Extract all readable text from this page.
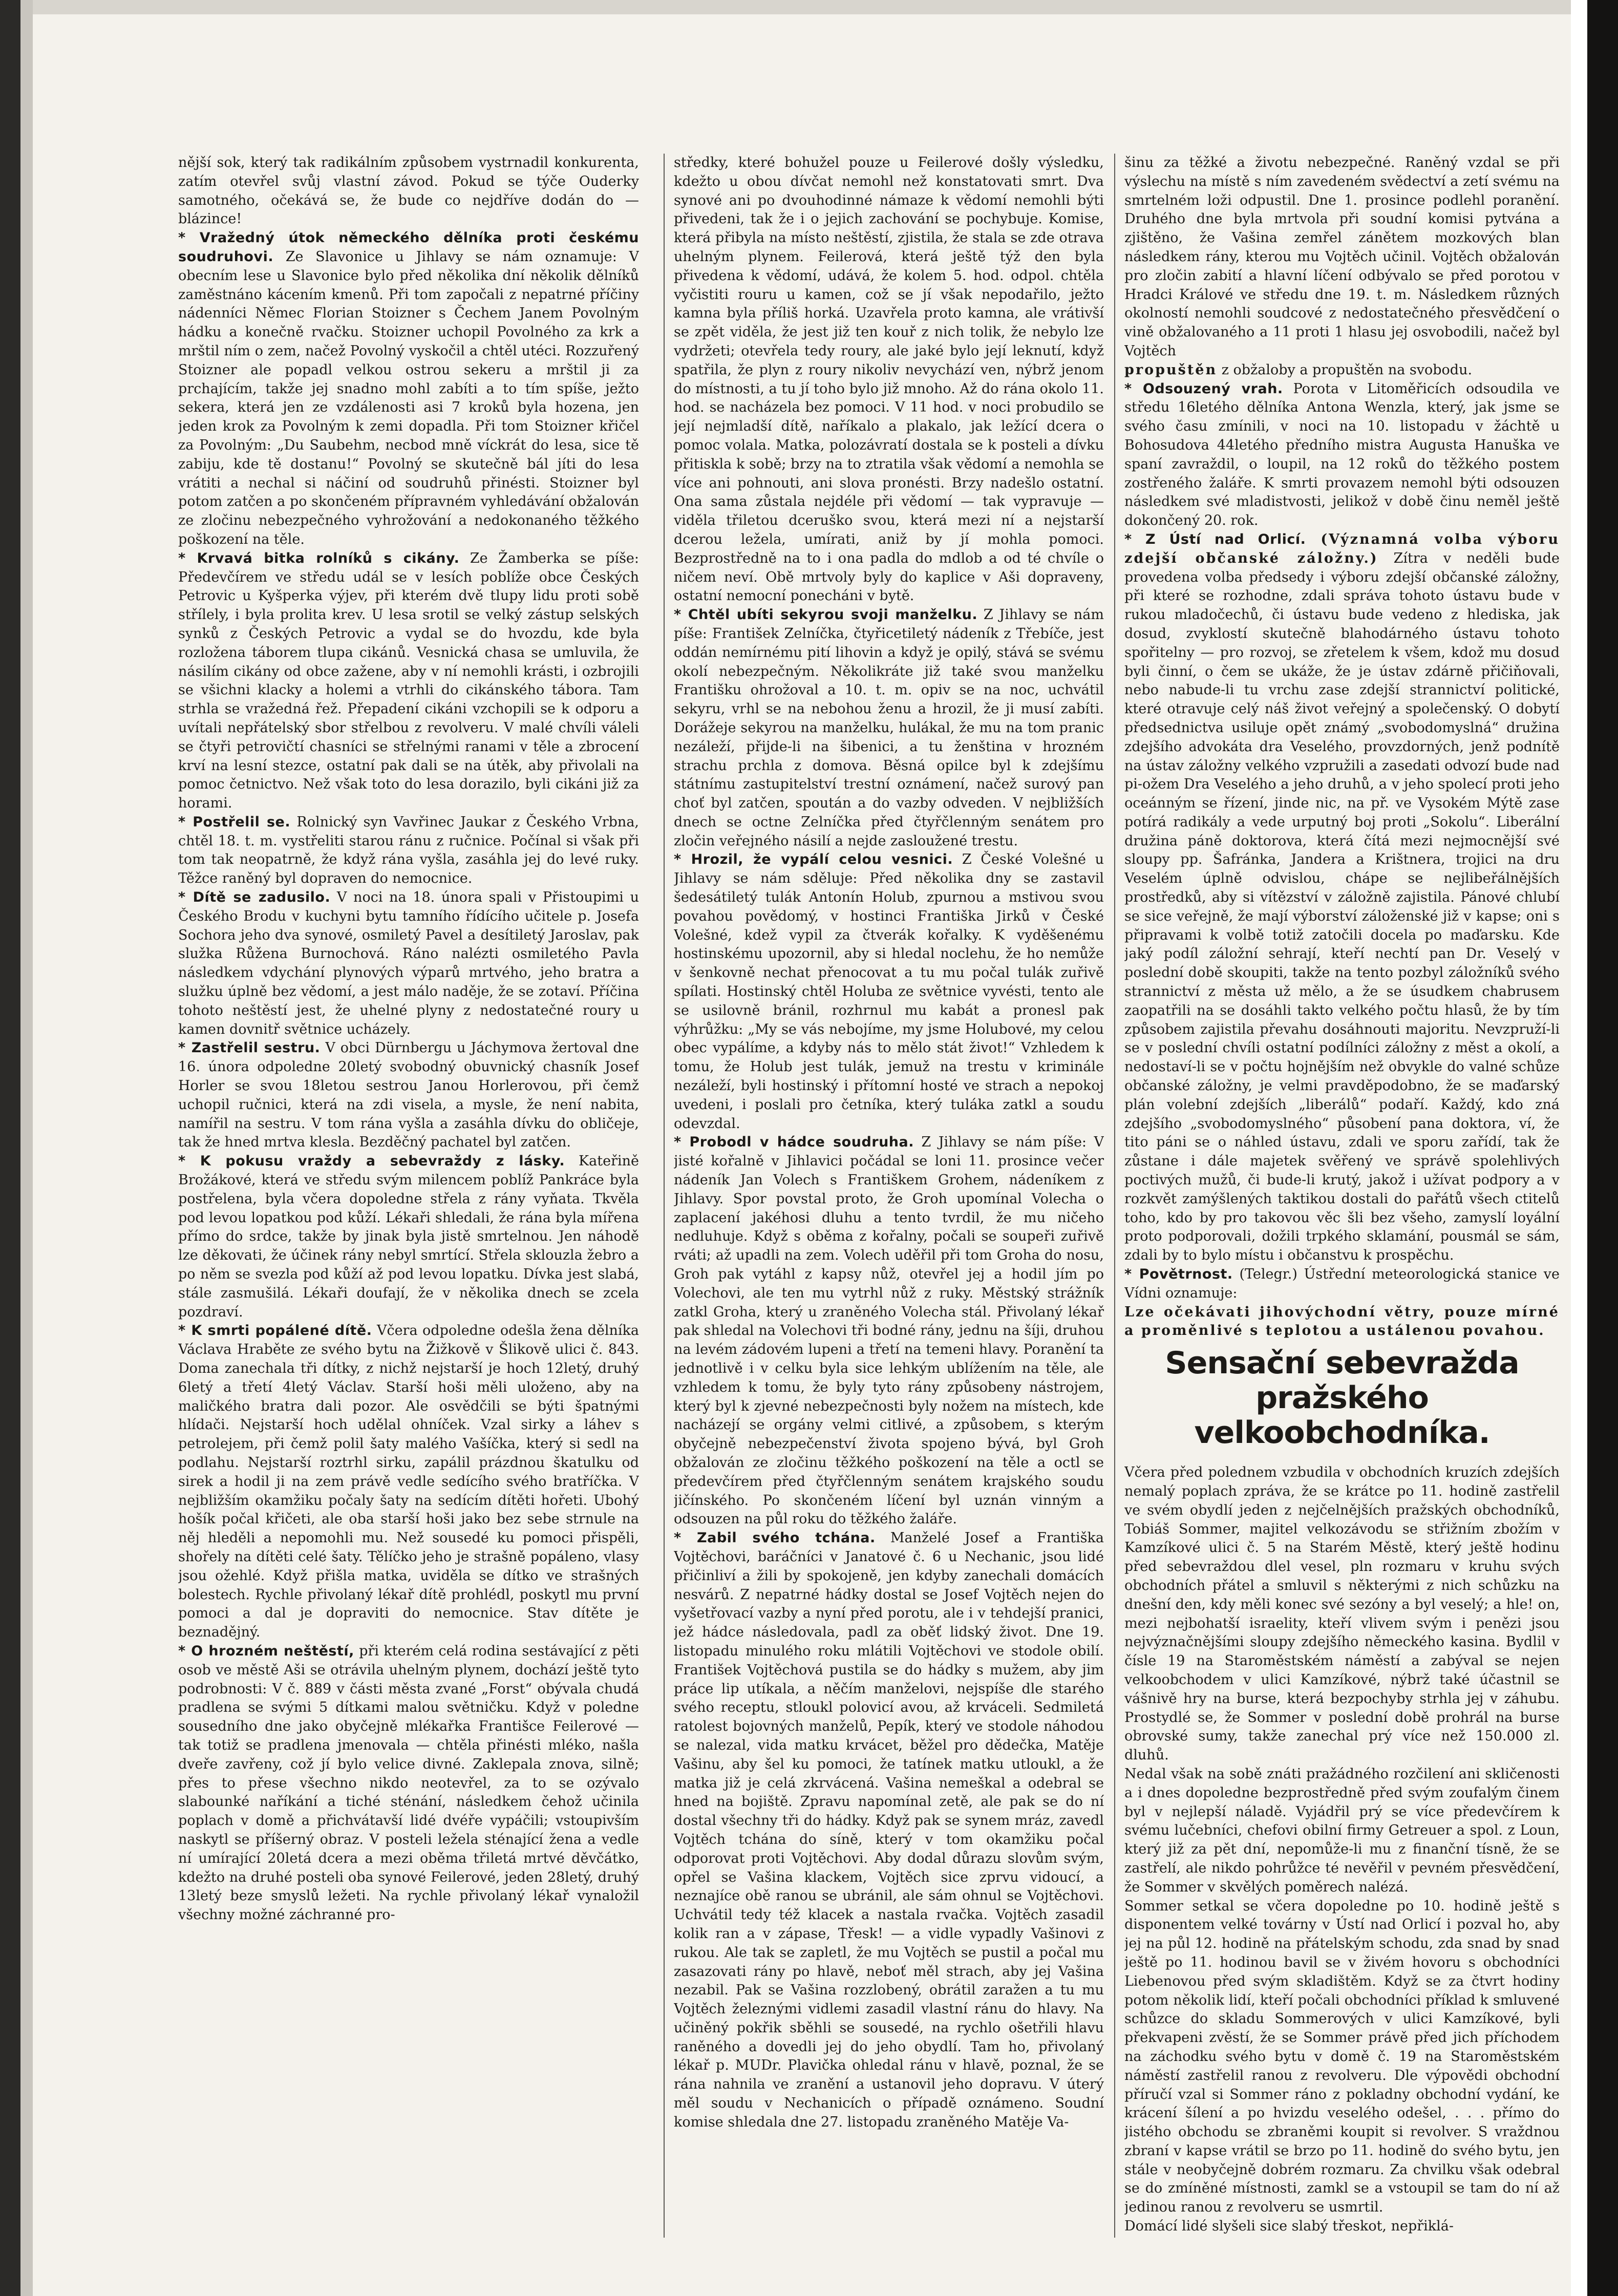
nější sok, který tak radikálním způsobem vystrnadil konkurenta, zatím otevřel svůj vlastní závod. Pokud se týče Ouderky samotného, očekává se, že bude co nejdříve dodán do — blázince!

* Vražedný útok německého dělníka proti českému soudruhovi. Ze Slavonice u Jihlavy se nám oznamuje: V obecním lese u Slavonice bylo před několika dní několik dělníků zaměstnáno kácením kmenů. Při tom započali z nepatrné příčiny nádenníci Němec Florian Stoizner s Čechem Janem Povolným hádku a konečně rvačku. Stoizner uchopil Povolného za krk a mrštil ním o zem, načež Povolný vyskočil a chtěl utéci. Rozzuřený Stoizner ale popadl velkou ostrou sekeru a mrštil ji za prchajícím, takže jej snadno mohl zabíti a to tím spíše, ježto sekera, která jen ze vzdálenosti asi 7 kroků byla hozena, jen jeden krok za Povolným k zemi dopadla. Při tom Stoizner křičel za Povolným: „Du Saubehm, necbod mně víckrát do lesa, sice tě zabiju, kde tě dostanu!“ Povolný se skutečně bál jíti do lesa vrátiti a nechal si náčiní od soudruhů přinésti. Stoizner byl potom zatčen a po skončeném přípravném vyhledávání obžalován ze zločinu nebezpečného vyhrožování a nedokonaného těžkého poškození na těle.

* Krvavá bitka rolníků s cikány. Ze Žamberka se píše: Předevčírem ve středu udál se v lesích poblíže obce Českých Petrovic u Kyšperka výjev, při kterém dvě tlupy lidu proti sobě střílely, i byla prolita krev. U lesa srotil se velký zástup selských synků z Českých Petrovic a vydal se do hvozdu, kde byla rozložena táborem tlupa cikánů. Vesnická chasa se umluvila, že násilím cikány od obce zažene, aby v ní nemohli krásti, i ozbrojili se všichni klacky a holemi a vtrhli do cikánského tábora. Tam strhla se vražedná řež. Přepadení cikáni vzchopili se k odporu a uvítali nepřátelský sbor střelbou z revolveru. V malé chvíli váleli se čtyři petrovičtí chasníci se střelnými ranami v těle a zbrocení krví na lesní stezce, ostatní pak dali se na útěk, aby přivolali na pomoc četnictvo. Než však toto do lesa dorazilo, byli cikáni již za horami.

* Postřelil se. Rolnický syn Vavřinec Jaukar z Českého Vrbna, chtěl 18. t. m. vystřeliti starou ránu z ručnice. Počínal si však při tom tak neopatrně, že když rána vyšla, zasáhla jej do levé ruky. Těžce raněný byl dopraven do nemocnice.

* Dítě se zadusilo. V noci na 18. února spali v Přistoupimi u Českého Brodu v kuchyni bytu tamního řídícího učitele p. Josefa Sochora jeho dva synové, osmiletý Pavel a desítiletý Jaroslav, pak služka Růžena Burnochová. Ráno nalézti osmiletého Pavla následkem vdychání plynových výparů mrtvého, jeho bratra a služku úplně bez vědomí, a jest málo naděje, že se zotaví. Příčina tohoto neštěstí jest, že uhelné plyny z nedostatečné roury u kamen dovnitř světnice ucházely.

* Zastřelil sestru. V obci Dürnbergu u Jáchymova žertoval dne 16. února odpoledne 20letý svobodný obuvnický chasník Josef Horler se svou 18letou sestrou Janou Horlerovou, při čemž uchopil ručnici, která na zdi visela, a mysle, že není nabita, namířil na sestru. V tom rána vyšla a zasáhla dívku do obličeje, tak že hned mrtva klesla. Bezděčný pachatel byl zatčen.

* K pokusu vraždy a sebevraždy z lásky. Kateřině Brožákové, která ve středu svým milencem poblíž Pankráce byla postřelena, byla včera dopoledne střela z rány vyňata. Tkvěla pod levou lopatkou pod kůží. Lékaři shledali, že rána byla mířena přímo do srdce, takže by jinak byla jistě smrtelnou. Jen náhodě lze děkovati, že účinek rány nebyl smrtící. Střela sklouzla žebro a po něm se svezla pod kůží až pod levou lopatku. Dívka jest slabá, stále zasmušilá. Lékaři doufají, že v několika dnech se zcela pozdraví.

* K smrti popálené dítě. Včera odpoledne odešla žena dělníka Václava Hraběte ze svého bytu na Žižkově v Šlikově ulici č. 843. Doma zanechala tři dítky, z nichž nejstarší je hoch 12letý, druhý 6letý a třetí 4letý Václav. Starší hoši měli uloženo, aby na maličkého bratra dali pozor. Ale osvědčili se býti špatnými hlídači. Nejstarší hoch udělal ohníček. Vzal sirky a láhev s petrolejem, při čemž polil šaty malého Vašíčka, který si sedl na podlahu. Nejstarší roztrhl sirku, zapálil prázdnou škatulku od sirek a hodil ji na zem právě vedle sedícího svého bratříčka. V nejbližším okamžiku počaly šaty na sedícím dítěti hořeti. Ubohý hošík počal křičeti, ale oba starší hoši jako bez sebe strnule na něj hleděli a nepomohli mu. Než sousedé ku pomoci přispěli, shořely na dítěti celé šaty. Tělíčko jeho je strašně popáleno, vlasy jsou ožehlé. Když přišla matka, uviděla se dítko ve strašných bolestech. Rychle přivolaný lékař dítě prohlédl, poskytl mu první pomoci a dal je dopraviti do nemocnice. Stav dítěte je beznadějný.

* O hrozném neštěstí, při kterém celá rodina sestávající z pěti osob ve městě Aši se otrávila uhelným plynem, dochází ještě tyto podrobnosti: V č. 889 v části města zvané „Forst“ obývala chudá pradlena se svými 5 dítkami malou světničku. Když v poledne sousedního dne jako obyčejně mlékařka Františce Feilerové — tak totiž se pradlena jmenovala — chtěla přinésti mléko, našla dveře zavřeny, což jí bylo velice divné. Zaklepala znova, silně; přes to přese všechno nikdo neotevřel, za to se ozývalo slabounké naříkání a tiché sténání, následkem čehož učinila poplach v domě a přichvátavší lidé dvéře vypáčili; vstoupivším naskytl se příšerný obraz. V posteli ležela sténající žena a vedle ní umírající 20letá dcera a mezi oběma třiletá mrtvé děvčátko, kdežto na druhé posteli oba synové Feilerové, jeden 28letý, druhý 13letý beze smyslů ležeti. Na rychle přivolaný lékař vynaložil všechny možné záchranné pro-

středky, které bohužel pouze u Feilerové došly výsledku, kdežto u obou dívčat nemohl než konstatovati smrt. Dva synové ani po dvouhodinné námaze k vědomí nemohli býti přivedeni, tak že i o jejich zachování se pochybuje. Komise, která přibyla na místo neštěstí, zjistila, že stala se zde otrava uhelným plynem. Feilerová, která ještě týž den byla přivedena k vědomí, udává, že kolem 5. hod. odpol. chtěla vyčistiti rouru u kamen, což se jí však nepodařilo, ježto kamna byla příliš horká. Uzavřela proto kamna, ale vrátivší se zpět viděla, že jest již ten kouř z nich tolik, že nebylo lze vydržeti; otevřela tedy roury, ale jaké bylo její leknutí, když spatřila, že plyn z roury nikoliv nevychází ven, nýbrž jenom do místnosti, a tu jí toho bylo již mnoho. Až do rána okolo 11. hod. se nacházela bez pomoci. V 11 hod. v noci probudilo se její nejmladší dítě, naříkalo a plakalo, jak ležící dcera o pomoc volala. Matka, polozávratí dostala se k posteli a dívku přitiskla k sobě; brzy na to ztratila však vědomí a nemohla se více ani pohnouti, ani slova pronésti. Brzy nadešlo ostatní. Ona sama zůstala nejdéle při vědomí — tak vypravuje — viděla třiletou dceruško svou, která mezi ní a nejstarší dcerou ležela, umírati, aniž by jí mohla pomoci. Bezprostředně na to i ona padla do mdlob a od té chvíle o ničem neví. Obě mrtvoly byly do kaplice v Aši dopraveny, ostatní nemocní ponecháni v bytě.

* Chtěl ubíti sekyrou svoji manželku. Z Jihlavy se nám píše: František Zelníčka, čtyřicetiletý nádeník z Třebíče, jest oddán nemírnému pití lihovin a když je opilý, stává se svému okolí nebezpečným. Několikráte již také svou manželku Františku ohrožoval a 10. t. m. opiv se na noc, uchvátil sekyru, vrhl se na nebohou ženu a hrozil, že ji musí zabíti. Dorážeje sekyrou na manželku, hulákal, že mu na tom pranic nezáleží, přijde-li na šibenici, a tu ženština v hrozném strachu prchla z domova. Běsná opilce byl k zdejšímu státnímu zastupitelství trestní oznámení, načež surový pan choť byl zatčen, spoután a do vazby odveden. V nejbližších dnech se octne Zelníčka před čtyřčlenným senátem pro zločin veřejného násilí a nejde zasloužené trestu.

* Hrozil, že vypálí celou vesnici. Z České Volešné u Jihlavy se nám sděluje: Před několika dny se zastavil šedesátiletý tulák Antonín Holub, zpurnou a mstivou svou povahou povědomý, v hostinci Františka Jirků v České Volešné, kdež vypil za čtverák kořalky. K vyděšenému hostinskému upozornil, aby si hledal noclehu, že ho nemůže v šenkovně nechat přenocovat a tu mu počal tulák zuřivě spílati. Hostinský chtěl Holuba ze světnice vyvésti, tento ale se usilovně bránil, rozhrnul mu kabát a pronesl pak výhrůžku: „My se vás nebojíme, my jsme Holubové, my celou obec vypálíme, a kdyby nás to mělo stát život!“ Vzhledem k tomu, že Holub jest tulák, jemuž na trestu v kriminále nezáleží, byli hostinský i přítomní hosté ve strach a nepokoj uvedeni, i poslali pro četníka, který tuláka zatkl a soudu odevzdal.

* Probodl v hádce soudruha. Z Jihlavy se nám píše: V jisté kořalně v Jihlavici počádal se loni 11. prosince večer nádeník Jan Volech s Františkem Grohem, nádeníkem z Jihlavy. Spor povstal proto, že Groh upomínal Volecha o zaplacení jakéhosi dluhu a tento tvrdil, že mu ničeho nedluhuje. Když s oběma z kořalny, počali se soupeři zuřivě rváti; až upadli na zem. Volech uděřil při tom Groha do nosu, Groh pak vytáhl z kapsy nůž, otevřel jej a hodil jím po Volechovi, ale ten mu vytrhl nůž z ruky. Městský strážník zatkl Groha, který u zraněného Volecha stál. Přivolaný lékař pak shledal na Volechovi tři bodné rány, jednu na šíji, druhou na levém zádovém lupeni a třetí na temeni hlavy. Poranění ta jednotlivě i v celku byla sice lehkým ublížením na těle, ale vzhledem k tomu, že byly tyto rány způsobeny nástrojem, který byl k zjevné nebezpečnosti byly nožem na místech, kde nacházejí se orgány velmi citlivé, a způsobem, s kterým obyčejně nebezpečenství života spojeno bývá, byl Groh obžalován ze zločinu těžkého poškození na těle a octl se předevčírem před čtyřčlenným senátem krajského soudu jičínského. Po skončeném líčení byl uznán vinným a odsouzen na půl roku do těžkého žaláře.

* Zabil svého tchána. Manželé Josef a Františka Vojtěchovi, baráčníci v Janatové č. 6 u Nechanic, jsou lidé přičinliví a žili by spokojeně, jen kdyby zanechali domácích nesvárů. Z nepatrné hádky dostal se Josef Vojtěch nejen do vyšetřovací vazby a nyní před porotu, ale i v tehdejší pranici, jež hádce následovala, padl za oběť lidský život. Dne 19. listopadu minulého roku mlátili Vojtěchovi ve stodole obilí. František Vojtěchová pustila se do hádky s mužem, aby jim práce lip utíkala, a něčím manželovi, nejspíše dle starého svého receptu, stloukl polovicí avou, až krváceli. Sedmiletá ratolest bojovných manželů, Pepík, který ve stodole náhodou se nalezal, vida matku krvácet, běžel pro dědečka, Matěje Vašinu, aby šel ku pomoci, že tatínek matku utloukl, a že matka již je celá zkrvácená. Vašina nemeškal a odebral se hned na bojiště. Zpravu napomínal zetě, ale pak se do ní dostal všechny tři do hádky. Když pak se synem mráz, zavedl Vojtěch tchána do síně, který v tom okamžiku počal odporovat proti Vojtěchovi. Aby dodal důrazu slovům svým, opřel se Vašina klackem, Vojtěch sice zprvu vidoucí, a neznajíce obě ranou se ubránil, ale sám ohnul se Vojtěchovi. Uchvátil tedy též klacek a nastala rvačka. Vojtěch zasadil kolik ran a v zápase, Třesk! — a vidle vypadly Vašinovi z rukou. Ale tak se zapletl, že mu Vojtěch se pustil a počal mu zasazovati rány po hlavě, neboť měl strach, aby jej Vašina nezabil. Pak se Vašina rozzlobený, obrátil zaražen a tu mu Vojtěch železnými vidlemi zasadil vlastní ránu do hlavy. Na učiněný pokřik sběhli se sousedé, na rychlo ošetřili hlavu raněného a dovedli jej do jeho obydlí. Tam ho, přivolaný lékař p. MUDr. Plavička ohledal ránu v hlavě, poznal, že se rána nahnila ve zranění a ustanovil jeho dopravu. V úterý měl soudu v Nechanicích o případě oznámeno. Soudní komise shledala dne 27. listopadu zraněného Matěje Va-

šinu za těžké a životu nebezpečné. Raněný vzdal se při výslechu na místě s ním zavedeném svědectví a zetí svému na smrtelném loži odpustil. Dne 1. prosince podlehl poranění. Druhého dne byla mrtvola při soudní komisi pytvána a zjištěno, že Vašina zemřel zánětem mozkových blan následkem rány, kterou mu Vojtěch učinil. Vojtěch obžalován pro zločin zabití a hlavní líčení odbývalo se před porotou v Hradci Králové ve středu dne 19. t. m. Následkem různých okolností nemohli soudcové z nedostatečného přesvědčení o vině obžalovaného a 11 proti 1 hlasu jej osvobodili, načež byl Vojtěch

propuštěn z obžaloby a propuštěn na svobodu.

* Odsouzený vrah. Porota v Litoměřicích odsoudila ve středu 16letého dělníka Antona Wenzla, který, jak jsme se svého času zmínili, v noci na 10. listopadu v žáchtě u Bohosudova 44letého předního mistra Augusta Hanuška ve spaní zavraždil, o loupil, na 12 roků do těžkého postem zostřeného žaláře. K smrti provazem nemohl býti odsouzen následkem své mladistvosti, jelikož v době činu neměl ještě dokončený 20. rok.

* Z Ústí nad Orlicí. (Významná volba výboru zdejší občanské záložny.) Zítra v neděli bude provedena volba předsedy i výboru zdejší občanské záložny, při které se rozhodne, zdali správa tohoto ústavu bude v rukou mladočechů, či ústavu bude vedeno z hlediska, jak dosud, zvyklostí skutečně blahodárného ústavu tohoto spořitelny — pro rozvoj, se zřetelem k všem, kdož mu dosud byli činní, o čem se ukáže, že je ústav zdárně přičiňovali, nebo nabude-li tu vrchu zase zdejší strannictví politické, které otravuje celý náš život veřejný a společenský. O dobytí předsednictva usiluje opět známý „svobodomyslná“ družina zdejšího advokáta dra Veselého, provzdorných, jenž podnítě na ústav záložny velkého vzpružili a zasedati odvozí bude nad pi-ožem Dra Veselého a jeho druhů, a v jeho spolecí proti jeho oceánným se řízení, jinde nic, na př. ve Vysokém Mýtě zase potírá radikály a vede urputný boj proti „Sokolu“. Liberální družina páně doktorova, která čítá mezi nejmocnější své sloupy pp. Šafránka, Jandera a Krištnera, trojici na dru Veselém úplně odvislou, chápe se nejlibeřálnějších prostředků, aby si vítězství v záložně zajistila. Pánové chlubí se sice veřejně, že mají výborství záloženské již v kapse; oni s připravami k volbě totiž zatočili docela po maďarsku. Kde jaký podíl záložní sehrají, kteří nechtí pan Dr. Veselý v poslední době skoupiti, takže na tento pozbyl záložníků svého strannictví z města už mělo, a že se úsudkem chabrusem zaopatřili na se dosáhli takto velkého počtu hlasů, že by tím způsobem zajistila převahu dosáhnouti majoritu. Nevzpruží-li se v poslední chvíli ostatní podílníci záložny z měst a okolí, a nedostaví-li se v počtu hojnějším než obvykle do valné schůze občanské záložny, je velmi pravděpodobno, že se maďarský plán volební zdejších „liberálů“ podaří. Každý, kdo zná zdejšího „svobodomyslného“ působení pana doktora, ví, že tito páni se o náhled ústavu, zdali ve sporu zařídí, tak že zůstane i dále majetek svěřený ve správě spolehlivých poctivých mužů, či bude-li krutý, jakož i užívat podpory a v rozkvět zamýšlených taktikou dostali do pařátů všech ctitelů toho, kdo by pro takovou věc šli bez všeho, zamyslí loyální proto podporovali, dožili trpkého sklamání, pousmál se sám, zdali by to bylo místu i občanstvu k prospěchu.

* Povětrnost. (Telegr.) Ústřední meteorologická stanice ve Vídni oznamuje:

Lze očekávati jihovýchodní větry, pouze mírné a proměnlivé s teplotou a ustálenou povahou.

Sensační sebevražda pražského
velkoobchodníka.

Včera před polednem vzbudila v obchodních kruzích zdejších nemalý poplach zpráva, že se krátce po 11. hodině zastřelil ve svém obydlí jeden z nejčelnějších pražských obchodníků, Tobiáš Sommer, majitel velkozávodu se střižním zbožím v Kamzíkové ulici č. 5 na Starém Městě, který ještě hodinu před sebevraždou dlel vesel, pln rozmaru v kruhu svých obchodních přátel a smluvil s některými z nich schůzku na dnešní den, kdy měli konec své sezóny a byl veselý; a hle! on, mezi nejbohatší israelity, kteří vlivem svým i penězi jsou nejvýznačnějšími sloupy zdejšího německého kasina. Bydlil v čísle 19 na Staroměstském náměstí a zabýval se nejen velkoobchodem v ulici Kamzíkové, nýbrž také účastnil se vášnivě hry na burse, která bezpochyby strhla jej v záhubu. Prostydlé se, že Sommer v poslední době prohrál na burse obrovské sumy, takže zanechal prý více než 150.000 zl. dluhů.

Nedal však na sobě znáti pražádného rozčilení ani skličenosti a i dnes dopoledne bezprostředně před svým zoufalým činem byl v nejlepší náladě. Vyjádřil prý se více předevčírem k svému lučebníci, chefovi obilní firmy Getreuer a spol. z Loun, který již za pět dní, nepomůže-li mu z finanční tísně, že se zastřelí, ale nikdo pohrůžce té nevěřil v pevném přesvědčení, že Sommer v skvělých poměrech nalézá.

Sommer setkal se včera dopoledne po 10. hodině ještě s disponentem velké továrny v Ústí nad Orlicí i pozval ho, aby jej na půl 12. hodině na přátelským schodu, zda snad by snad ještě po 11. hodinou bavil se v živém hovoru s obchodníci Liebenovou před svým skladištěm. Když se za čtvrt hodiny potom několik lidí, kteří počali obchodníci příklad k smluvené schůzce do skladu Sommerových v ulici Kamzíkové, byli překvapeni zvěstí, že se Sommer právě před jich příchodem na záchodku svého bytu v domě č. 19 na Staroměstském náměstí zastřelil ranou z revolveru. Dle výpovědi obchodní příručí vzal si Sommer ráno z pokladny obchodní vydání, ke krácení šílení a po hvizdu veselého odešel, . . . přímo do jistého obchodu se zbraněmi koupit si revolver. S vraždnou zbraní v kapse vrátil se brzo po 11. hodině do svého bytu, jen stále v neobyčejně dobrém rozmaru. Za chvilku však odebral se do zmíněné místnosti, zamkl se a vstoupil se tam do ní až jedinou ranou z revolveru se usmrtil.

Domácí lidé slyšeli sice slabý třeskot, nepřiklá-
